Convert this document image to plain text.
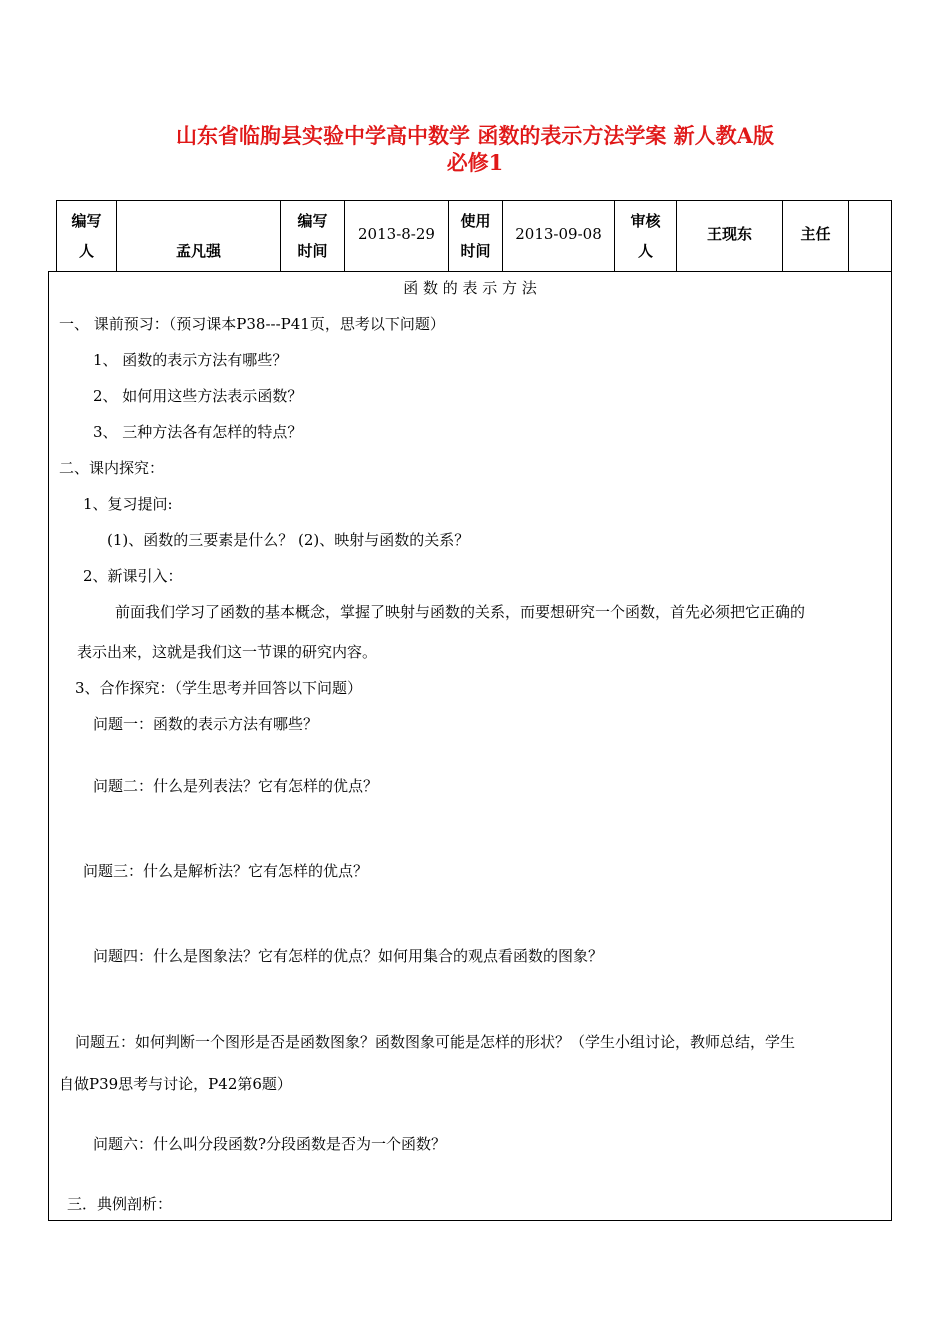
山东省临朐县实验中学高中数学 函数的表示方法学案 新人教A版
必修1
编写
人	孟凡强
编写
时间
2013-8-29
使用
时间
2013-09-08
审核
人
王现东	主任
函 数 的 表 示 方 法
一、 课前预习：（预习课本P38---P41页，思考以下问题）
1、 函数的表示方法有哪些？
2、 如何用这些方法表示函数？
3、 三种方法各有怎样的特点？
二、课内探究：
1、复习提问:
(1)、函数的三要素是什么？ (2)、映射与函数的关系？
2、新课引入：
前面我们学习了函数的基本概念，掌握了映射与函数的关系，而要想研究一个函数，首先必须把它正确的
表示出来，这就是我们这一节课的研究内容。
3、合作探究：（学生思考并回答以下问题）
问题一：函数的表示方法有哪些？
问题二：什么是列表法？它有怎样的优点？
问题三：什么是解析法？它有怎样的优点？
问题四：什么是图象法？它有怎样的优点？如何用集合的观点看函数的图象？
问题五：如何判断一个图形是否是函数图象？函数图象可能是怎样的形状？（学生小组讨论，教师总结，学生
自做P39思考与讨论，P42第6题）
问题六：什么叫分段函数?分段函数是否为一个函数？
三．典例剖析：
